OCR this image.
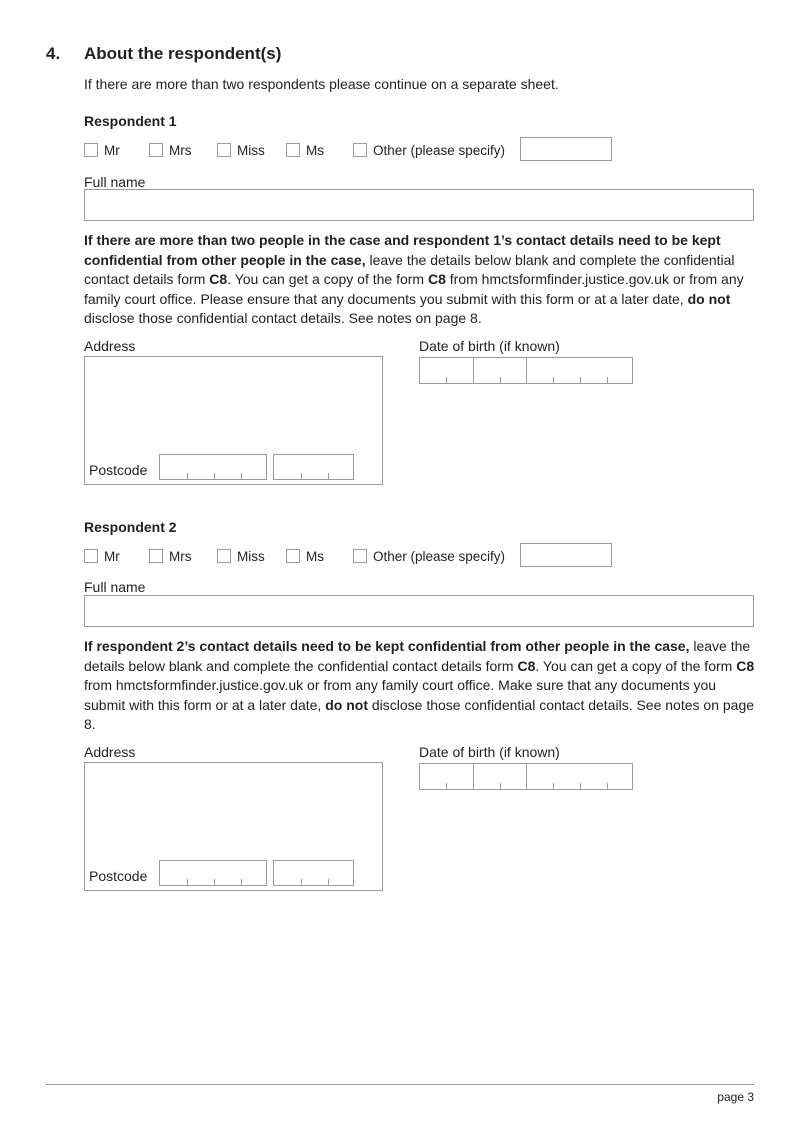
4. About the respondent(s)
If there are more than two respondents please continue on a separate sheet.
Respondent 1
Mr	Mrs	Miss	Ms	Other (please specify)
Full name
If there are more than two people in the case and respondent 1’s contact details need to be kept confidential from other people in the case, leave the details below blank and complete the confidential contact details form C8. You can get a copy of the form C8 from hmctsformfinder.justice.gov.uk or from any family court office. Please ensure that any documents you submit with this form or at a later date, do not disclose those confidential contact details. See notes on page 8.
Address
Postcode
Date of birth (if known)
Respondent 2
Mr	Mrs	Miss	Ms	Other (please specify)
Full name
If respondent 2’s contact details need to be kept confidential from other people in the case, leave the details below blank and complete the confidential contact details form C8. You can get a copy of the form C8 from hmctsformfinder.justice.gov.uk or from any family court office. Make sure that any documents you submit with this form or at a later date, do not disclose those confidential contact details. See notes on page 8.
Address
Postcode
Date of birth (if known)
page 3
